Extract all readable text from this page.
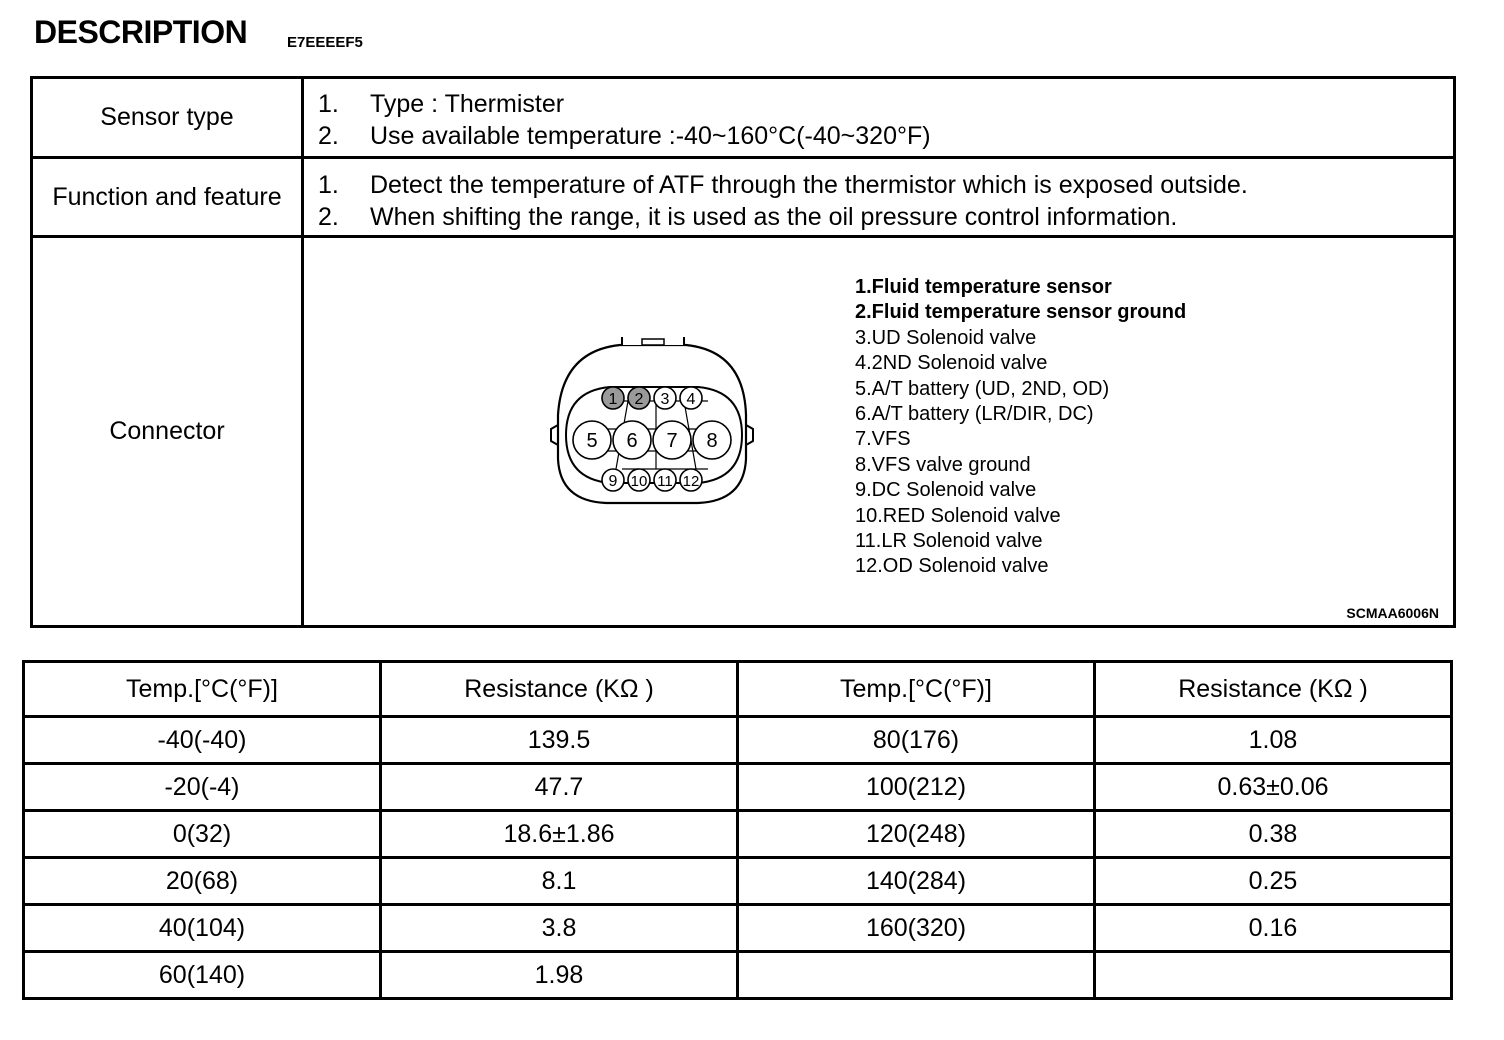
DESCRIPTION	E7EEEEF5
Sensor type	1. Type : Thermister
2. Use available temperature :-40~160°C(-40~320°F)
Function and feature	1. Detect the temperature of ATF through the thermistor which is exposed outside.
2. When shifting the range, it is used as the oil pressure control information.
Connector
1 2 3 4
5 6 7 8
9 10 11 12
1.Fluid temperature sensor
2.Fluid temperature sensor ground
3.UD Solenoid valve
4.2ND Solenoid valve
5.A/T battery (UD, 2ND, OD)
6.A/T battery (LR/DIR, DC)
7.VFS
8.VFS valve ground
9.DC Solenoid valve
10.RED Solenoid valve
11.LR Solenoid valve
12.OD Solenoid valve
SCMAA6006N
Temp.[°C(°F)]	Resistance (KΩ )	Temp.[°C(°F)]	Resistance (KΩ )
-40(-40)	139.5	80(176)	1.08
-20(-4)	47.7	100(212)	0.63±0.06
0(32)	18.6±1.86	120(248)	0.38
20(68)	8.1	140(284)	0.25
40(104)	3.8	160(320)	0.16
60(140)	1.98		
